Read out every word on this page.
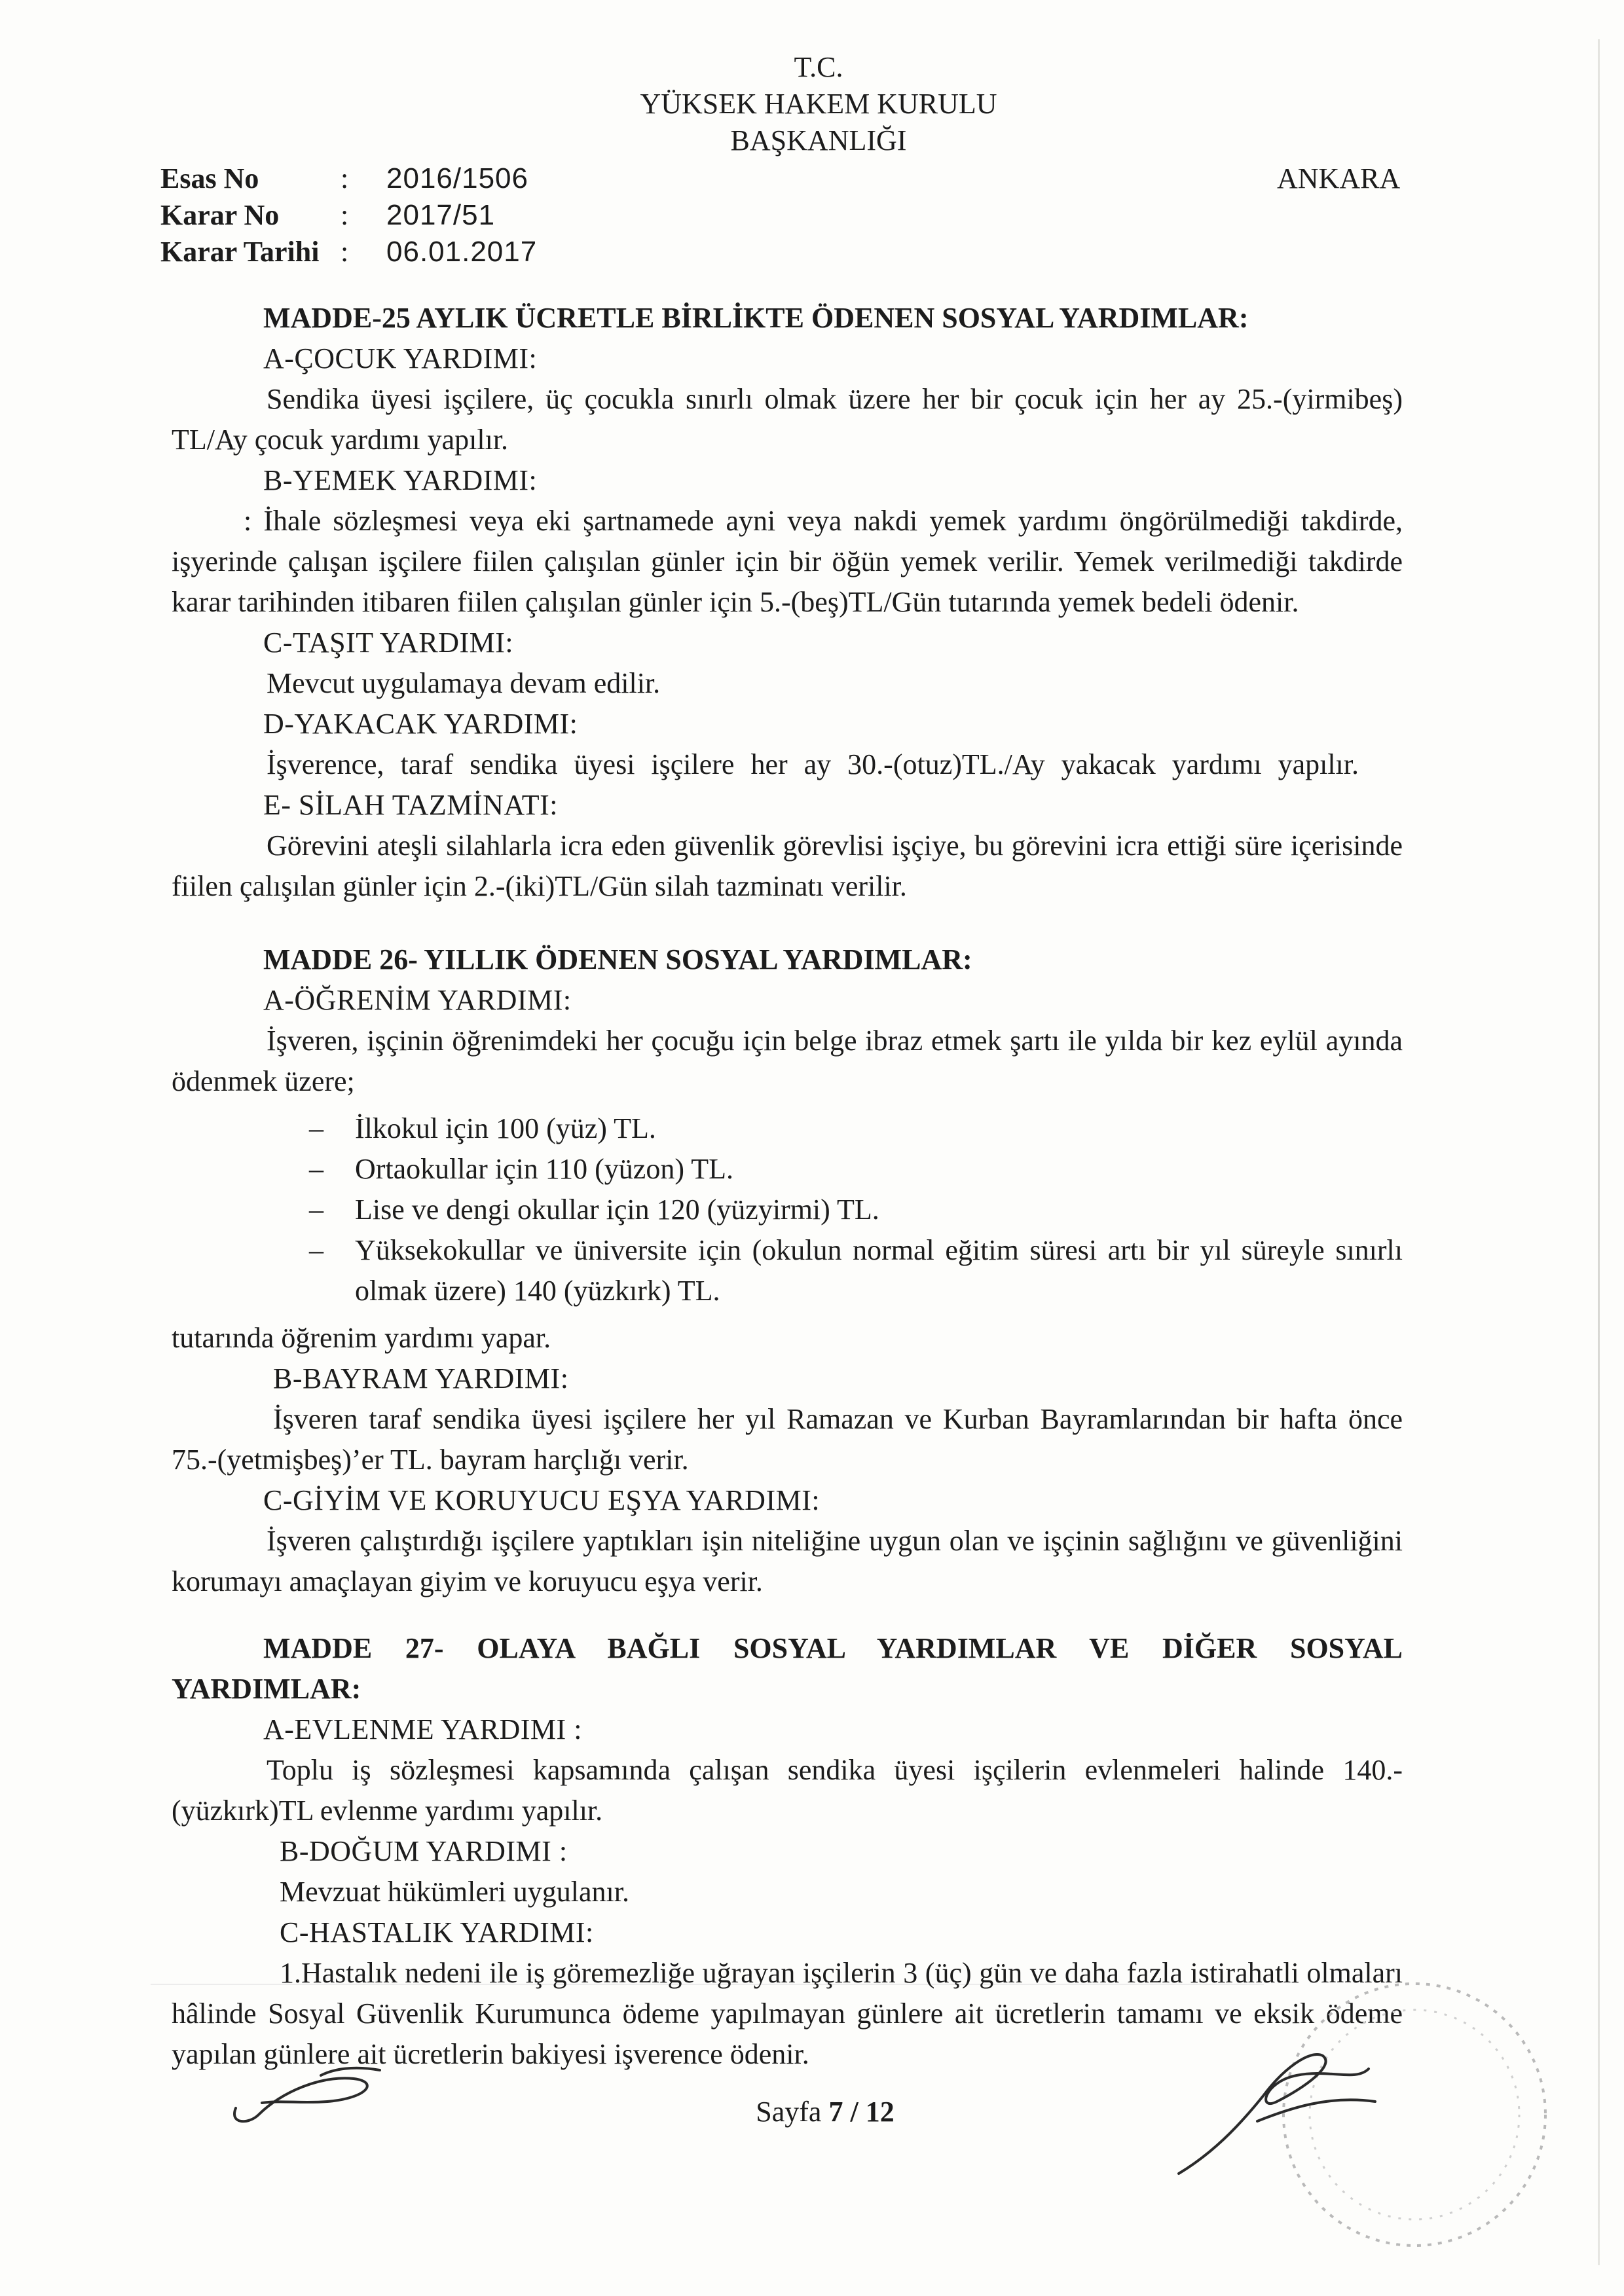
T.C.
YÜKSEK HAKEM KURULU
BAŞKANLIĞI
Esas No	:	2016/1506
Karar No	:	2017/51
Karar Tarihi :	06.01.2017
ANKARA
MADDE-25 AYLIK ÜCRETLE BİRLİKTE ÖDENEN SOSYAL YARDIMLAR:
A-ÇOCUK YARDIMI:
Sendika üyesi işçilere, üç çocukla sınırlı olmak üzere her bir çocuk için her ay 25.-(yirmibeş) TL/Ay çocuk yardımı yapılır.
B-YEMEK YARDIMI:
: İhale sözleşmesi veya eki şartnamede ayni veya nakdi yemek yardımı öngörülmediği takdirde, işyerinde çalışan işçilere fiilen çalışılan günler için bir öğün yemek verilir. Yemek verilmediği takdirde karar tarihinden itibaren fiilen çalışılan günler için 5.-(beş)TL/Gün tutarında yemek bedeli ödenir.
C-TAŞIT YARDIMI:
Mevcut uygulamaya devam edilir.
D-YAKACAK YARDIMI:
İşverence, taraf sendika üyesi işçilere her ay 30.-(otuz)TL./Ay yakacak yardımı yapılır.
E- SİLAH TAZMİNATI:
Görevini ateşli silahlarla icra eden güvenlik görevlisi işçiye, bu görevini icra ettiği süre içerisinde fiilen çalışılan günler için 2.-(iki)TL/Gün silah tazminatı verilir.
MADDE 26- YILLIK ÖDENEN SOSYAL YARDIMLAR:
A-ÖĞRENİM YARDIMI:
İşveren, işçinin öğrenimdeki her çocuğu için belge ibraz etmek şartı ile yılda bir kez eylül ayında ödenmek üzere;
– İlkokul için 100 (yüz) TL.
– Ortaokullar için 110 (yüzon) TL.
– Lise ve dengi okullar için 120 (yüzyirmi) TL.
– Yüksekokullar ve üniversite için (okulun normal eğitim süresi artı bir yıl süreyle sınırlı olmak üzere) 140 (yüzkırk) TL.
tutarında öğrenim yardımı yapar.
B-BAYRAM YARDIMI:
İşveren taraf sendika üyesi işçilere her yıl Ramazan ve Kurban Bayramlarından bir hafta önce 75.-(yetmişbeş)’er TL. bayram harçlığı verir.
C-GİYİM VE KORUYUCU EŞYA YARDIMI:
İşveren çalıştırdığı işçilere yaptıkları işin niteliğine uygun olan ve işçinin sağlığını ve güvenliğini korumayı amaçlayan giyim ve koruyucu eşya verir.
MADDE 27- OLAYA BAĞLI SOSYAL YARDIMLAR VE DİĞER SOSYAL
YARDIMLAR:
A-EVLENME YARDIMI :
Toplu iş sözleşmesi kapsamında çalışan sendika üyesi işçilerin evlenmeleri halinde 140.-(yüzkırk)TL evlenme yardımı yapılır.
B-DOĞUM YARDIMI :
Mevzuat hükümleri uygulanır.
C-HASTALIK YARDIMI:
1.Hastalık nedeni ile iş göremezliğe uğrayan işçilerin 3 (üç) gün ve daha fazla istirahatli olmaları hâlinde Sosyal Güvenlik Kurumunca ödeme yapılmayan günlere ait ücretlerin tamamı ve eksik ödeme yapılan günlere ait ücretlerin bakiyesi işverence ödenir.
Sayfa 7 / 12
